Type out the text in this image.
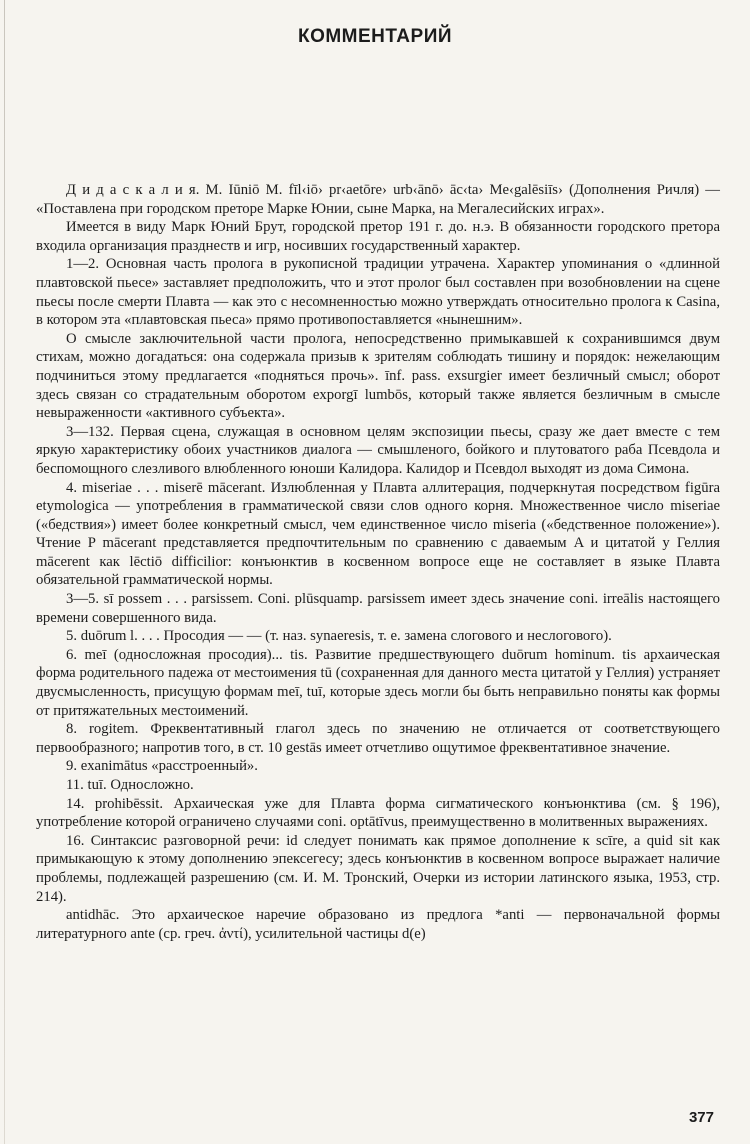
КОММЕНТАРИЙ

Д и д а с к а л и я. M. Iūniō M. fīl‹iō› pr‹aetōre› urb‹ānō› āc‹ta› Me‹galēsiīs› (Дополнения Ричля) — «Поставлена при городском преторе Марке Юнии, сыне Марка, на Мегалесийских играх».

Имеется в виду Марк Юний Брут, городской претор 191 г. до. н.э. В обязанности городского претора входила организация празднеств и игр, носивших государственный характер.

1—2. Основная часть пролога в рукописной традиции утрачена. Характер упоминания о «длинной плавтовской пьесе» заставляет предположить, что и этот пролог был составлен при возобновлении на сцене пьесы после смерти Плавта — как это с несомненностью можно утверждать относительно пролога к Casina, в котором эта «плавтовская пьеса» прямо противопоставляется «нынешним».

О смысле заключительной части пролога, непосредственно примыкавшей к сохранившимся двум стихам, можно догадаться: она содержала призыв к зрителям соблюдать тишину и порядок: нежелающим подчиниться этому предлагается «подняться прочь». īnf. pass. exsurgier имеет безличный смысл; оборот здесь связан со страдательным оборотом exporgī lumbōs, который также является безличным в смысле невыраженности «активного субъекта».

3—132. Первая сцена, служащая в основном целям экспозиции пьесы, сразу же дает вместе с тем яркую характеристику обоих участников диалога — смышленого, бойкого и плутоватого раба Псевдола и беспомощного слезливого влюбленного юноши Калидора. Калидор и Псевдол выходят из дома Симона.

4. miseriae . . . miserē mācerant. Излюбленная у Плавта аллитерация, подчеркнутая посредством figūra etymologica — употребления в грамматической связи слов одного корня. Множественное число miseriae («бедствия») имеет более конкретный смысл, чем единственное число miseria («бедственное положение»). Чтение P mācerant представляется предпочтительным по сравнению с даваемым A и цитатой у Геллия mācerent как lēctiō difficilior: конъюнктив в косвенном вопросе еще не составляет в языке Плавта обязательной грамматической нормы.

3—5. sī possem . . . parsissem. Coni. plūsquamp. parsissem имеет здесь значение coni. irreālis настоящего времени совершенного вида.

5. duōrum l. . . . Просодия — — (т. наз. synaeresis, т. е. замена слогового и неслогового).

6. meī (односложная просодия)... tis. Развитие предшествующего duōrum hominum. tis архаическая форма родительного падежа от местоимения tū (сохраненная для данного места цитатой у Геллия) устраняет двусмысленность, присущую формам meī, tuī, которые здесь могли бы быть неправильно поняты как формы от притяжательных местоимений.

8. rogitem. Фреквентативный глагол здесь по значению не отличается от соответствующего первообразного; напротив того, в ст. 10 gestās имеет отчетливо ощутимое фреквентативное значение.

9. exanimātus «расстроенный».

11. tuī. Односложно.

14. prohibēssit. Архаическая уже для Плавта форма сигматического конъюнктива (см. § 196), употребление которой ограничено случаями coni. optātīvus, преимущественно в молитвенных выражениях.

16. Синтаксис разговорной речи: id следует понимать как прямое дополнение к scīre, а quid sit как примыкающую к этому дополнению эпексегесу; здесь конъюнктив в косвенном вопросе выражает наличие проблемы, подлежащей разрешению (см. И. М. Тронский, Очерки из истории латинского языка, 1953, стр. 214).

antidhāc. Это архаическое наречие образовано из предлога *anti — первоначальной формы литературного ante (ср. греч. ἀντί), усилительной частицы d(e)

377
